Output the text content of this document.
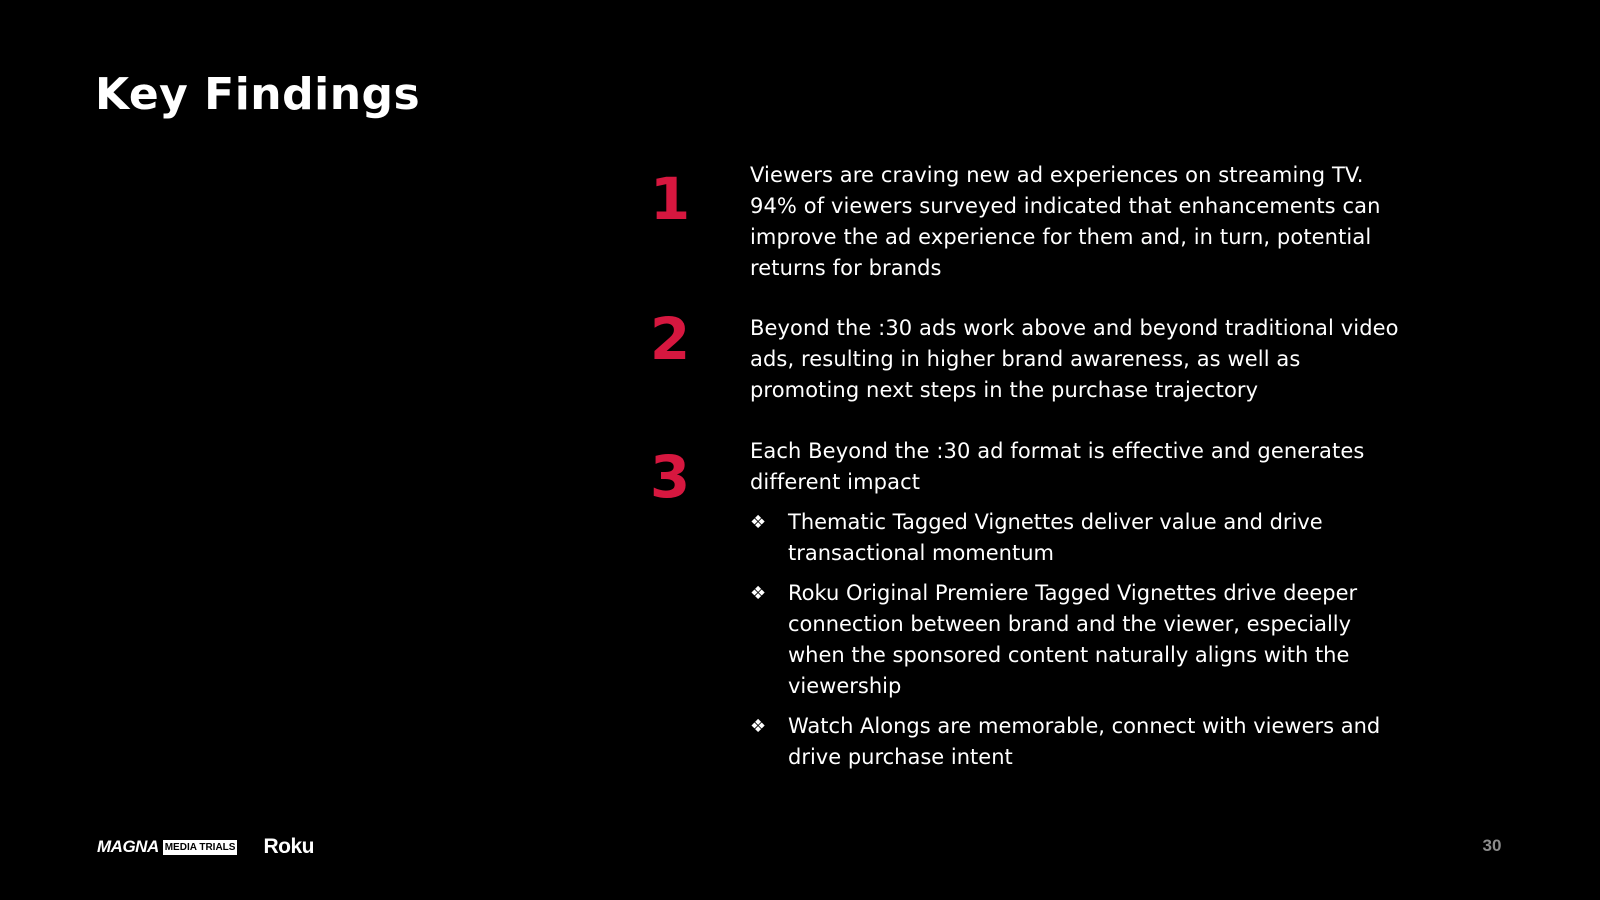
Key Findings
1	Viewers are craving new ad experiences on streaming TV. 94% of viewers surveyed indicated that enhancements can improve the ad experience for them and, in turn, potential returns for brands
2	Beyond the :30 ads work above and beyond traditional video ads, resulting in higher brand awareness, as well as promoting next steps in the purchase trajectory
3	Each Beyond the :30 ad format is effective and generates different impact
❖ Thematic Tagged Vignettes deliver value and drive transactional momentum
❖ Roku Original Premiere Tagged Vignettes drive deeper connection between brand and the viewer, especially when the sponsored content naturally aligns with the viewership
❖ Watch Alongs are memorable, connect with viewers and drive purchase intent
MAGNA MEDIA TRIALS Roku	30
